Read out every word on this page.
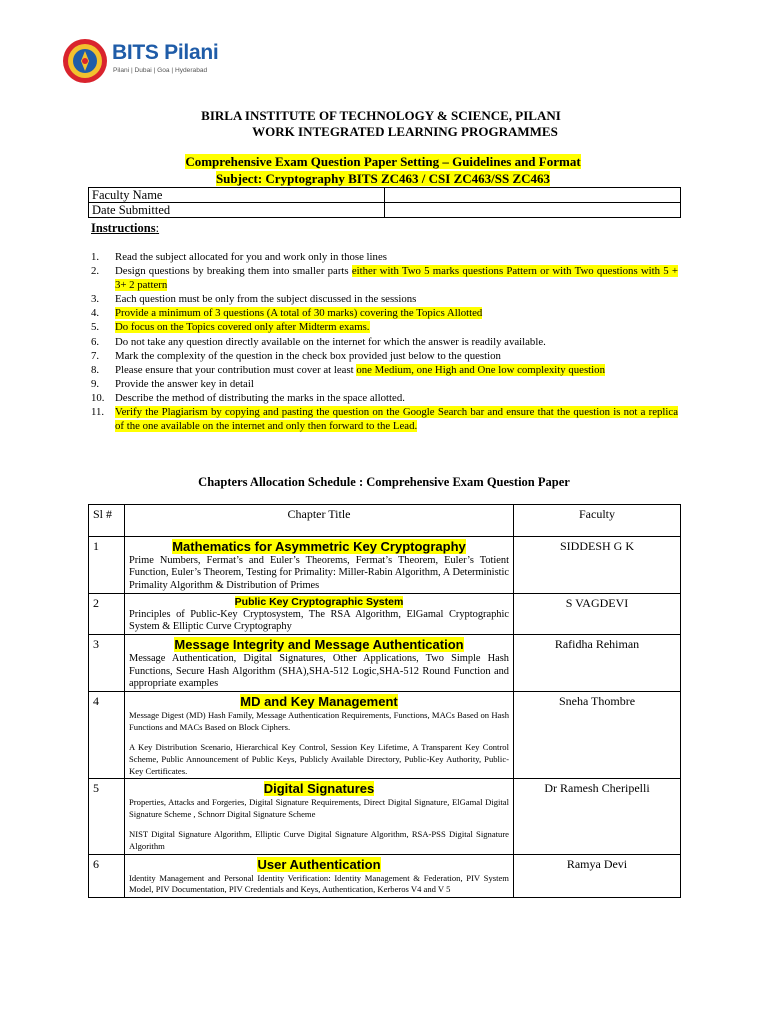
BITS Pilani
Pilani | Dubai | Goa | Hyderabad
BIRLA INSTITUTE OF TECHNOLOGY & SCIENCE, PILANI
WORK INTEGRATED LEARNING PROGRAMMES
Comprehensive Exam Question Paper Setting – Guidelines and Format
Subject: Cryptography BITS ZC463 / CSI ZC463/SS ZC463
Faculty Name	
Date Submitted	
Instructions:
1. Read the subject allocated for you and work only in those lines
2. Design questions by breaking them into smaller parts either with Two 5 marks questions Pattern or with Two questions with 5 + 3+ 2 pattern
3. Each question must be only from the subject discussed in the sessions
4. Provide a minimum of 3 questions (A total of 30 marks) covering the Topics Allotted
5. Do focus on the Topics covered only after Midterm exams.
6. Do not take any question directly available on the internet for which the answer is readily available.
7. Mark the complexity of the question in the check box provided just below to the question
8. Please ensure that your contribution must cover at least one Medium, one High and One low complexity question
9. Provide the answer key in detail
10. Describe the method of distributing the marks in the space allotted.
11. Verify the Plagiarism by copying and pasting the question on the Google Search bar and ensure that the question is not a replica of the one available on the internet and only then forward to the Lead.
Chapters Allocation Schedule : Comprehensive Exam Question Paper
Sl #	Chapter Title	Faculty
1	Mathematics for Asymmetric Key Cryptography
Prime Numbers, Fermat’s and Euler’s Theorems, Fermat’s Theorem, Euler’s Totient Function, Euler’s Theorem, Testing for Primality: Miller-Rabin Algorithm, A Deterministic Primality Algorithm & Distribution of Primes	SIDDESH G K
2	Public Key Cryptographic System
Principles of Public-Key Cryptosystem, The RSA Algorithm, ElGamal Cryptographic System & Elliptic Curve Cryptography	S VAGDEVI
3	Message Integrity and Message Authentication
Message Authentication, Digital Signatures, Other Applications, Two Simple Hash Functions, Secure Hash Algorithm (SHA),SHA-512 Logic,SHA-512 Round Function and appropriate examples	Rafidha Rehiman
4	MD and Key Management
Message Digest (MD) Hash Family, Message Authentication Requirements, Functions, MACs Based on Hash Functions and MACs Based on Block Ciphers.
A Key Distribution Scenario, Hierarchical Key Control, Session Key Lifetime, A Transparent Key Control Scheme, Public Announcement of Public Keys, Publicly Available Directory, Public-Key Authority, Public-Key Certificates.	Sneha Thombre
5	Digital Signatures
Properties, Attacks and Forgeries, Digital Signature Requirements, Direct Digital Signature, ElGamal Digital Signature Scheme , Schnorr Digital Signature Scheme
NIST Digital Signature Algorithm, Elliptic Curve Digital Signature Algorithm, RSA-PSS Digital Signature Algorithm	Dr Ramesh Cheripelli
6	User Authentication
Identity Management and Personal Identity Verification: Identity Management & Federation, PIV System Model, PIV Documentation, PIV Credentials and Keys, Authentication, Kerberos V4 and V 5	Ramya Devi
